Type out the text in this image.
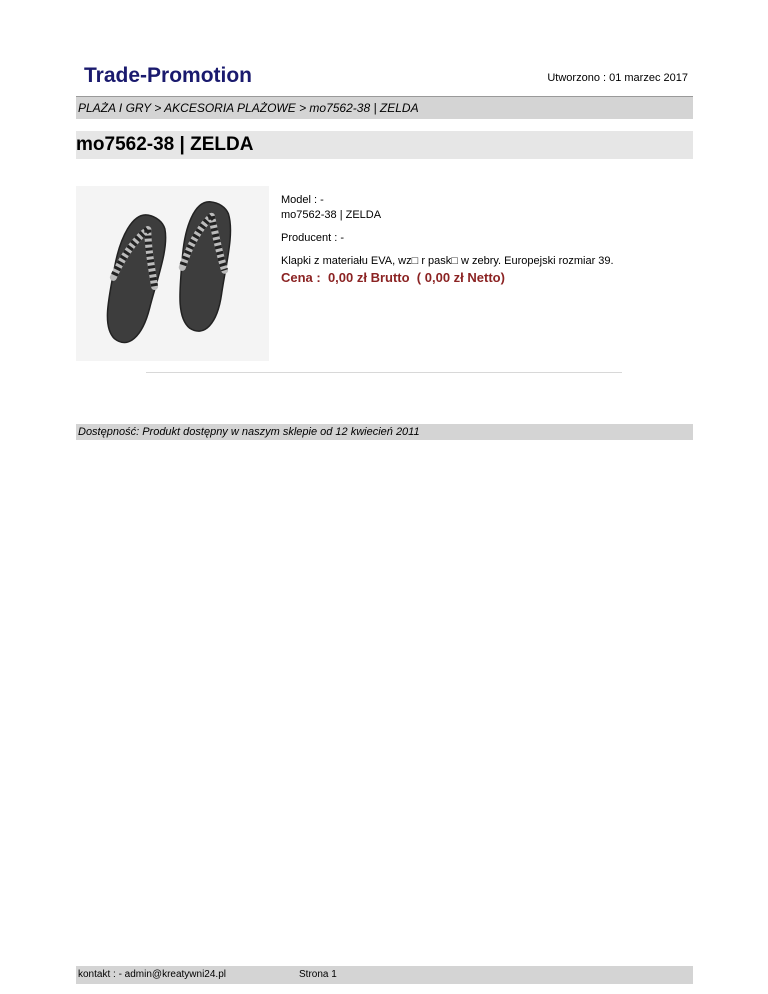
Trade-Promotion	Utworzono : 01 marzec 2017
PLAŻA I GRY > AKCESORIA PLAŻOWE > mo7562-38 | ZELDA
mo7562-38 | ZELDA
Model : -
mo7562-38 | ZELDA
Producent : -
Klapki z materiału EVA, wz□ r pask□ w zebry. Europejski rozmiar 39.
Cena :  0,00 zł Brutto  ( 0,00 zł Netto)
Dostępność: Produkt dostępny w naszym sklepie od 12 kwiecień 2011
kontakt : - admin@kreatywni24.pl	Strona 1
